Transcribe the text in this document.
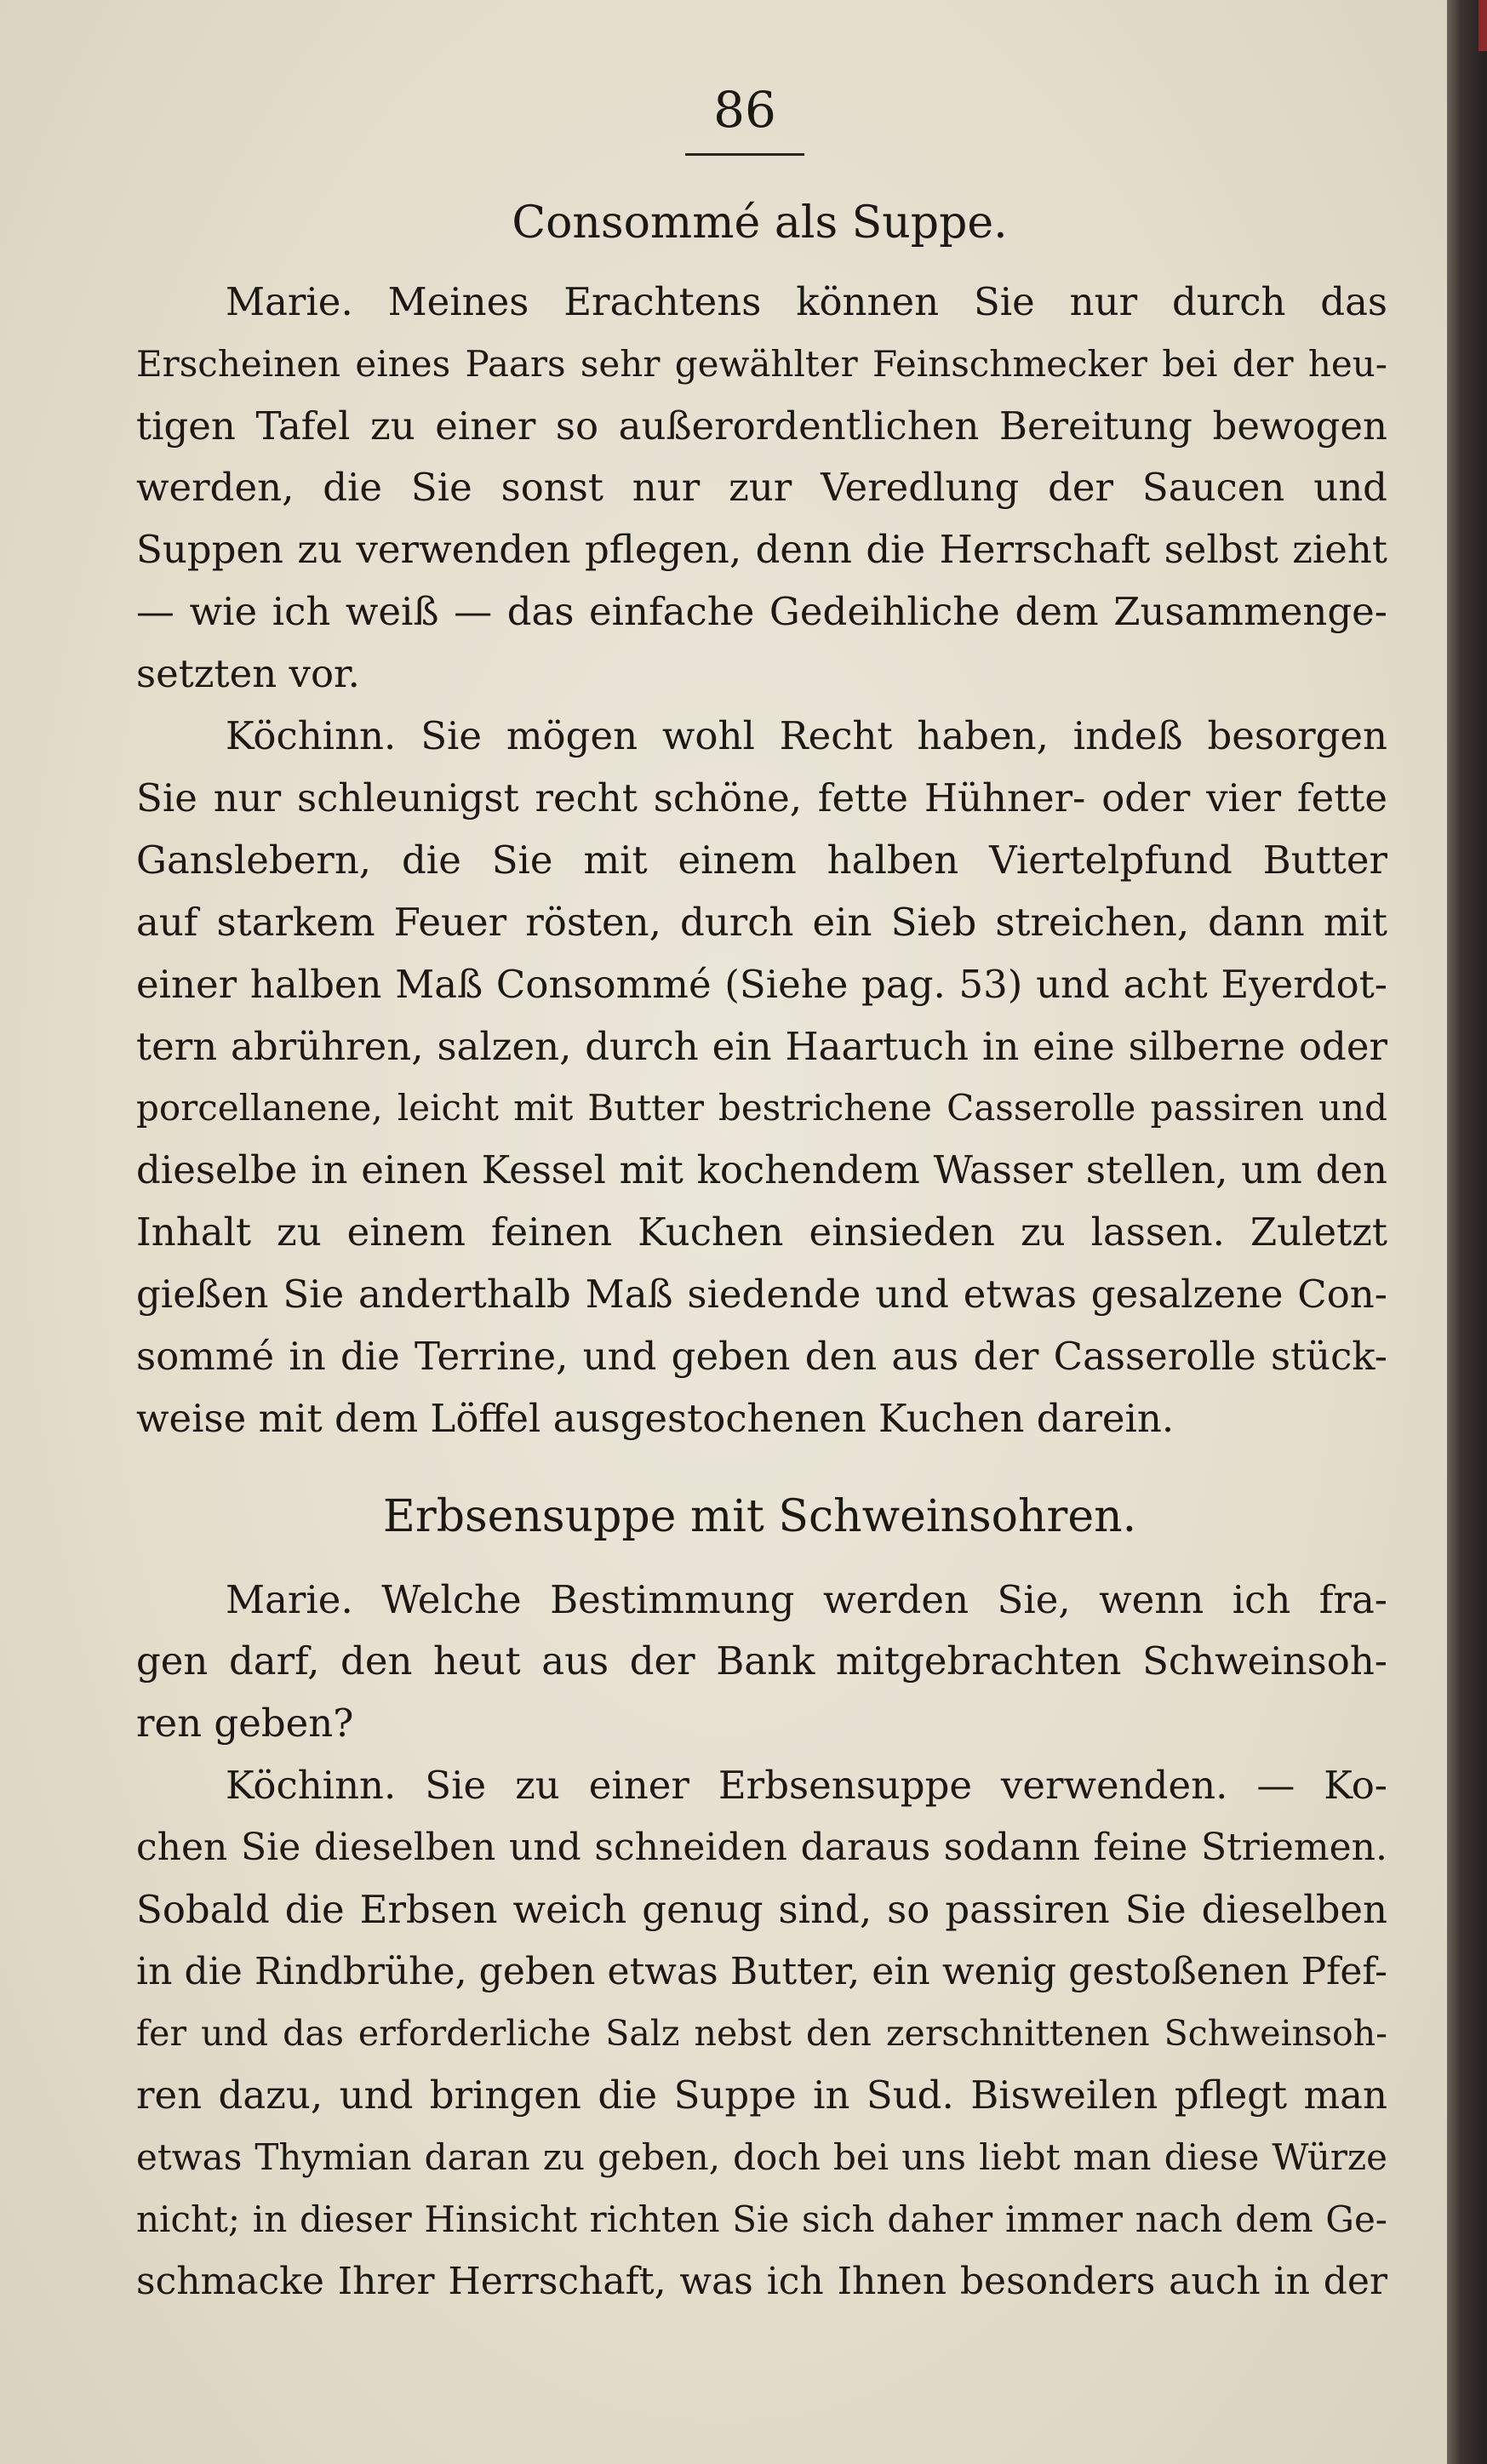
86
Consommé als Suppe.
Marie. Meines Erachtens können Sie nur durch das
Erscheinen eines Paars sehr gewählter Feinschmecker bei der heu-
tigen Tafel zu einer so außerordentlichen Bereitung bewogen
werden, die Sie sonst nur zur Veredlung der Saucen und
Suppen zu verwenden pflegen, denn die Herrschaft selbst zieht
— wie ich weiß — das einfache Gedeihliche dem Zusammenge-
setzten vor.
Köchinn. Sie mögen wohl Recht haben, indeß besorgen
Sie nur schleunigst recht schöne, fette Hühner- oder vier fette
Ganslebern, die Sie mit einem halben Viertelpfund Butter
auf starkem Feuer rösten, durch ein Sieb streichen, dann mit
einer halben Maß Consommé (Siehe pag. 53) und acht Eyerdot-
tern abrühren, salzen, durch ein Haartuch in eine silberne oder
porcellanene, leicht mit Butter bestrichene Casserolle passiren und
dieselbe in einen Kessel mit kochendem Wasser stellen, um den
Inhalt zu einem feinen Kuchen einsieden zu lassen. Zuletzt
gießen Sie anderthalb Maß siedende und etwas gesalzene Con-
sommé in die Terrine, und geben den aus der Casserolle stück-
weise mit dem Löffel ausgestochenen Kuchen darein.
Erbsensuppe mit Schweinsohren.
Marie. Welche Bestimmung werden Sie, wenn ich fra-
gen darf, den heut aus der Bank mitgebrachten Schweinsoh-
ren geben?
Köchinn. Sie zu einer Erbsensuppe verwenden. — Ko-
chen Sie dieselben und schneiden daraus sodann feine Striemen.
Sobald die Erbsen weich genug sind, so passiren Sie dieselben
in die Rindbrühe, geben etwas Butter, ein wenig gestoßenen Pfef-
fer und das erforderliche Salz nebst den zerschnittenen Schweinsoh-
ren dazu, und bringen die Suppe in Sud. Bisweilen pflegt man
etwas Thymian daran zu geben, doch bei uns liebt man diese Würze
nicht; in dieser Hinsicht richten Sie sich daher immer nach dem Ge-
schmacke Ihrer Herrschaft, was ich Ihnen besonders auch in der
